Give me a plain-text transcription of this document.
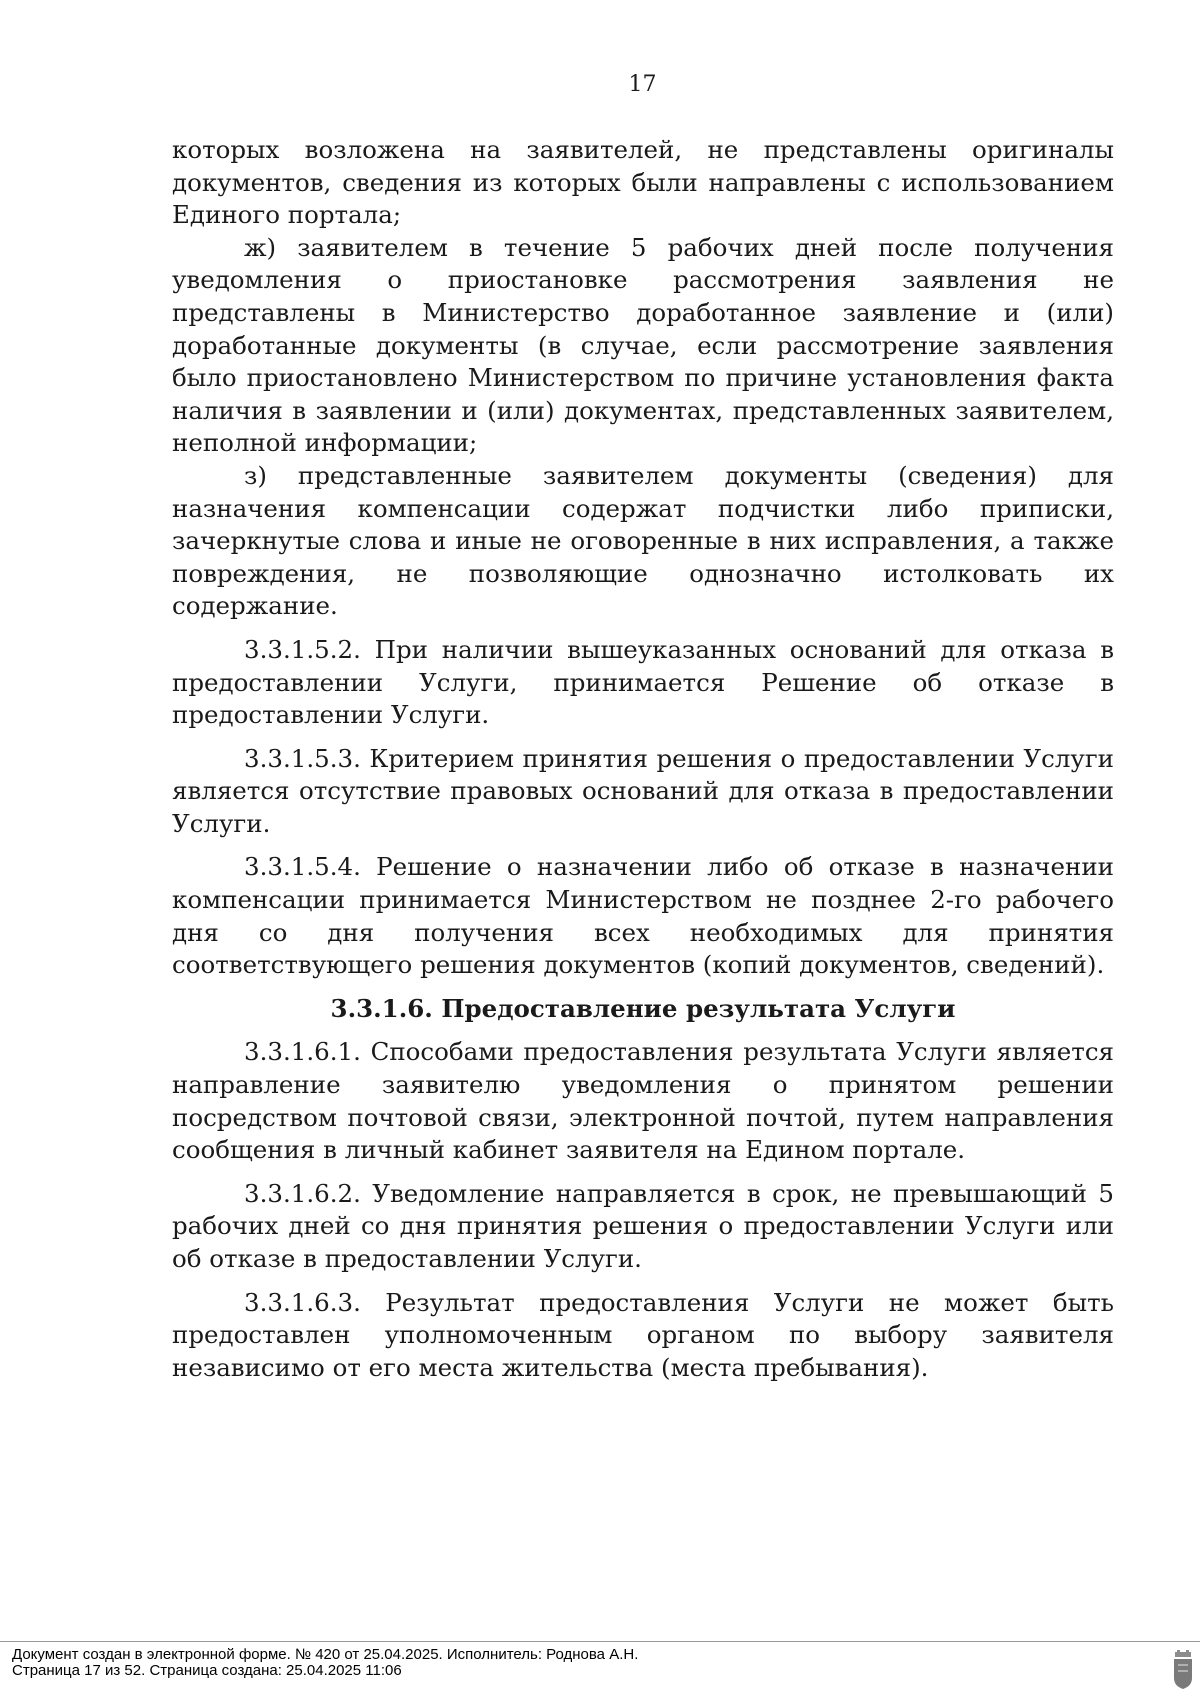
17

которых возложена на заявителей, не представлены оригиналы документов, сведения из которых были направлены с использованием Единого портала;

ж) заявителем в течение 5 рабочих дней после получения уведомления о приостановке рассмотрения заявления не представлены в Министерство доработанное заявление и (или) доработанные документы (в случае, если рассмотрение заявления было приостановлено Министерством по причине установления факта наличия в заявлении и (или) документах, представленных заявителем, неполной информации;

з) представленные заявителем документы (сведения) для назначения компенсации содержат подчистки либо приписки, зачеркнутые слова и иные не оговоренные в них исправления, а также повреждения, не позволяющие однозначно истолковать их содержание.

3.3.1.5.2. При наличии вышеуказанных оснований для отказа в предоставлении Услуги, принимается Решение об отказе в предоставлении Услуги.

3.3.1.5.3. Критерием принятия решения о предоставлении Услуги является отсутствие правовых оснований для отказа в предоставлении Услуги.

3.3.1.5.4. Решение о назначении либо об отказе в назначении компенсации принимается Министерством не позднее 2-го рабочего дня со дня получения всех необходимых для принятия соответствующего решения документов (копий документов, сведений).

3.3.1.6. Предоставление результата Услуги

3.3.1.6.1. Способами предоставления результата Услуги является направление заявителю уведомления о принятом решении посредством почтовой связи, электронной почтой, путем направления сообщения в личный кабинет заявителя на Едином портале.

3.3.1.6.2. Уведомление направляется в срок, не превышающий 5 рабочих дней со дня принятия решения о предоставлении Услуги или об отказе в предоставлении Услуги.

3.3.1.6.3. Результат предоставления Услуги не может быть предоставлен уполномоченным органом по выбору заявителя независимо от его места жительства (места пребывания).

Документ создан в электронной форме. № 420 от 25.04.2025. Исполнитель: Роднова А.Н.
Страница 17 из 52. Страница создана: 25.04.2025 11:06
